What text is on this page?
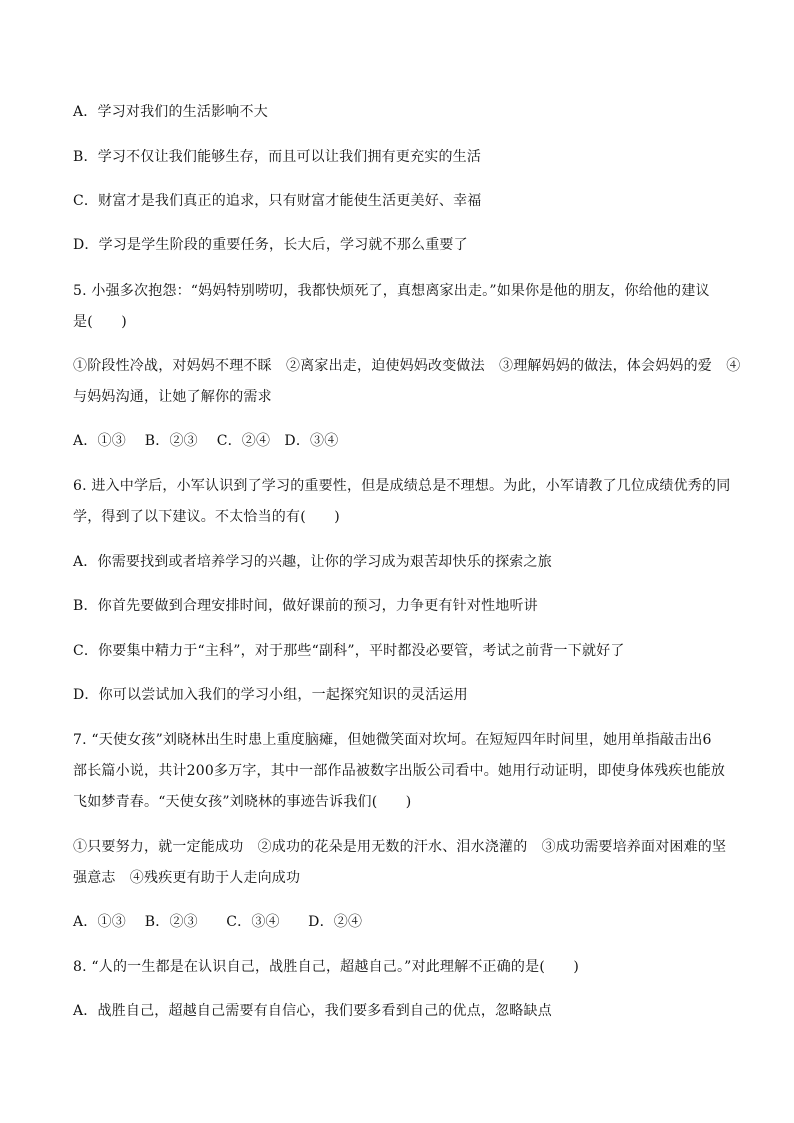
A．学习对我们的生活影响不大
B．学习不仅让我们能够生存，而且可以让我们拥有更充实的生活
C．财富才是我们真正的追求，只有财富才能使生活更美好、幸福
D．学习是学生阶段的重要任务，长大后，学习就不那么重要了
5. 小强多次抱怨：“妈妈特别唠叨，我都快烦死了，真想离家出走。”如果你是他的朋友，你给他的建议
是(　　)
①阶段性冷战，对妈妈不理不睬　②离家出走，迫使妈妈改变做法　③理解妈妈的做法，体会妈妈的爱　④
与妈妈沟通，让她了解你的需求
A．①③　 B．②③　 C．②④　D．③④
6. 进入中学后，小军认识到了学习的重要性，但是成绩总是不理想。为此，小军请教了几位成绩优秀的同
学，得到了以下建议。不太恰当的有(　　)
A．你需要找到或者培养学习的兴趣，让你的学习成为艰苦却快乐的探索之旅
B．你首先要做到合理安排时间，做好课前的预习，力争更有针对性地听讲
C．你要集中精力于“主科”，对于那些“副科”，平时都没必要管，考试之前背一下就好了
D．你可以尝试加入我们的学习小组，一起探究知识的灵活运用
7. “天使女孩”刘晓林出生时患上重度脑瘫，但她微笑面对坎坷。在短短四年时间里，她用单指敲击出6
部长篇小说，共计200多万字，其中一部作品被数字出版公司看中。她用行动证明，即使身体残疾也能放
飞如梦青春。“天使女孩”刘晓林的事迹告诉我们(　　)
①只要努力，就一定能成功　②成功的花朵是用无数的汗水、泪水浇灌的　③成功需要培养面对困难的坚
强意志　④残疾更有助于人走向成功
A．①③　 B．②③　　C．③④　　D．②④
8. “人的一生都是在认识自己，战胜自己，超越自己。”对此理解不正确的是(　　)
A．战胜自己，超越自己需要有自信心，我们要多看到自己的优点，忽略缺点
